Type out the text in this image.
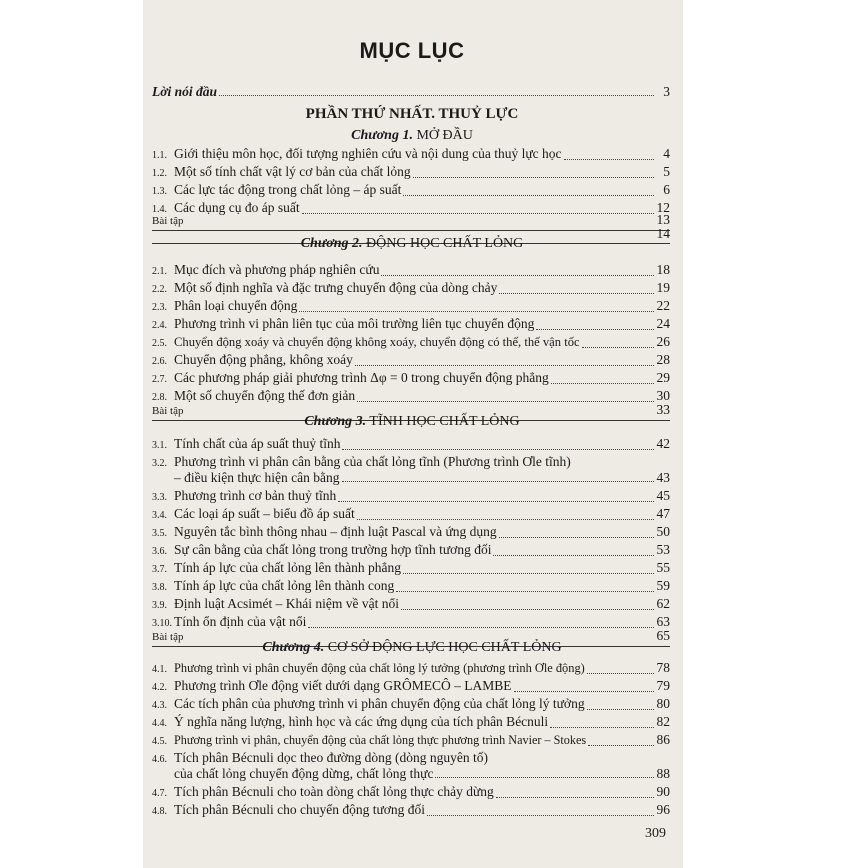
MỤC LỤC
Lời nói đầu	3
PHẦN THỨ NHẤT. THUỶ LỰC
Chương 1. MỞ ĐẦU
1.1. Giới thiệu môn học, đối tượng nghiên cứu và nội dung của thuỷ lực học	4
1.2. Một số tính chất vật lý cơ bản của chất lỏng	5
1.3. Các lực tác động trong chất lỏng – áp suất	6
1.4. Các dụng cụ đo áp suất	12
Bài tập	13
14
Chương 2. ĐỘNG HỌC CHẤT LỎNG
2.1. Mục đích và phương pháp nghiên cứu	18
2.2. Một số định nghĩa và đặc trưng chuyển động của dòng chảy	19
2.3. Phân loại chuyển động	22
2.4. Phương trình vi phân liên tục của môi trường liên tục chuyển động	24
2.5. Chuyển động xoáy và chuyển động không xoáy, chuyển động có thế, thế vận tốc	26
2.6. Chuyển động phẳng, không xoáy	28
2.7. Các phương pháp giải phương trình Δφ = 0 trong chuyển động phẳng	29
2.8. Một số chuyển động thế đơn giản	30
Bài tập	33
Chương 3. TĨNH HỌC CHẤT LỎNG
3.1. Tính chất của áp suất thuỷ tĩnh	42
3.2. Phương trình vi phân cân bằng của chất lỏng tĩnh (Phương trình Ơle tĩnh)
– điều kiện thực hiện cân bằng	43
3.3. Phương trình cơ bản thuỷ tĩnh	45
3.4. Các loại áp suất – biểu đồ áp suất	47
3.5. Nguyên tắc bình thông nhau – định luật Pascal và ứng dụng	50
3.6. Sự cân bằng của chất lỏng trong trường hợp tĩnh tương đối	53
3.7. Tính áp lực của chất lỏng lên thành phẳng	55
3.8. Tính áp lực của chất lỏng lên thành cong	59
3.9. Định luật Acsimét – Khái niệm về vật nổi	62
3.10. Tính ổn định của vật nổi	63
Bài tập	65
Chương 4. CƠ SỞ ĐỘNG LỰC HỌC CHẤT LỎNG
4.1. Phương trình vi phân chuyển động của chất lỏng lý tưởng (phương trình Ơle động)	78
4.2. Phương trình Ơle động viết dưới dạng GRÔMECÔ – LAMBE	79
4.3. Các tích phân của phương trình vi phân chuyển động của chất lỏng lý tưởng	80
4.4. Ý nghĩa năng lượng, hình học và các ứng dụng của tích phân Bécnuli	82
4.5. Phương trình vi phân, chuyển động của chất lỏng thực phương trình Navier – Stokes	86
4.6. Tích phân Bécnuli dọc theo đường dòng (dòng nguyên tố)
của chất lỏng chuyển động dừng, chất lỏng thực	88
4.7. Tích phân Bécnuli cho toàn dòng chất lỏng thực chảy dừng	90
4.8. Tích phân Bécnuli cho chuyển động tương đối	96
309
